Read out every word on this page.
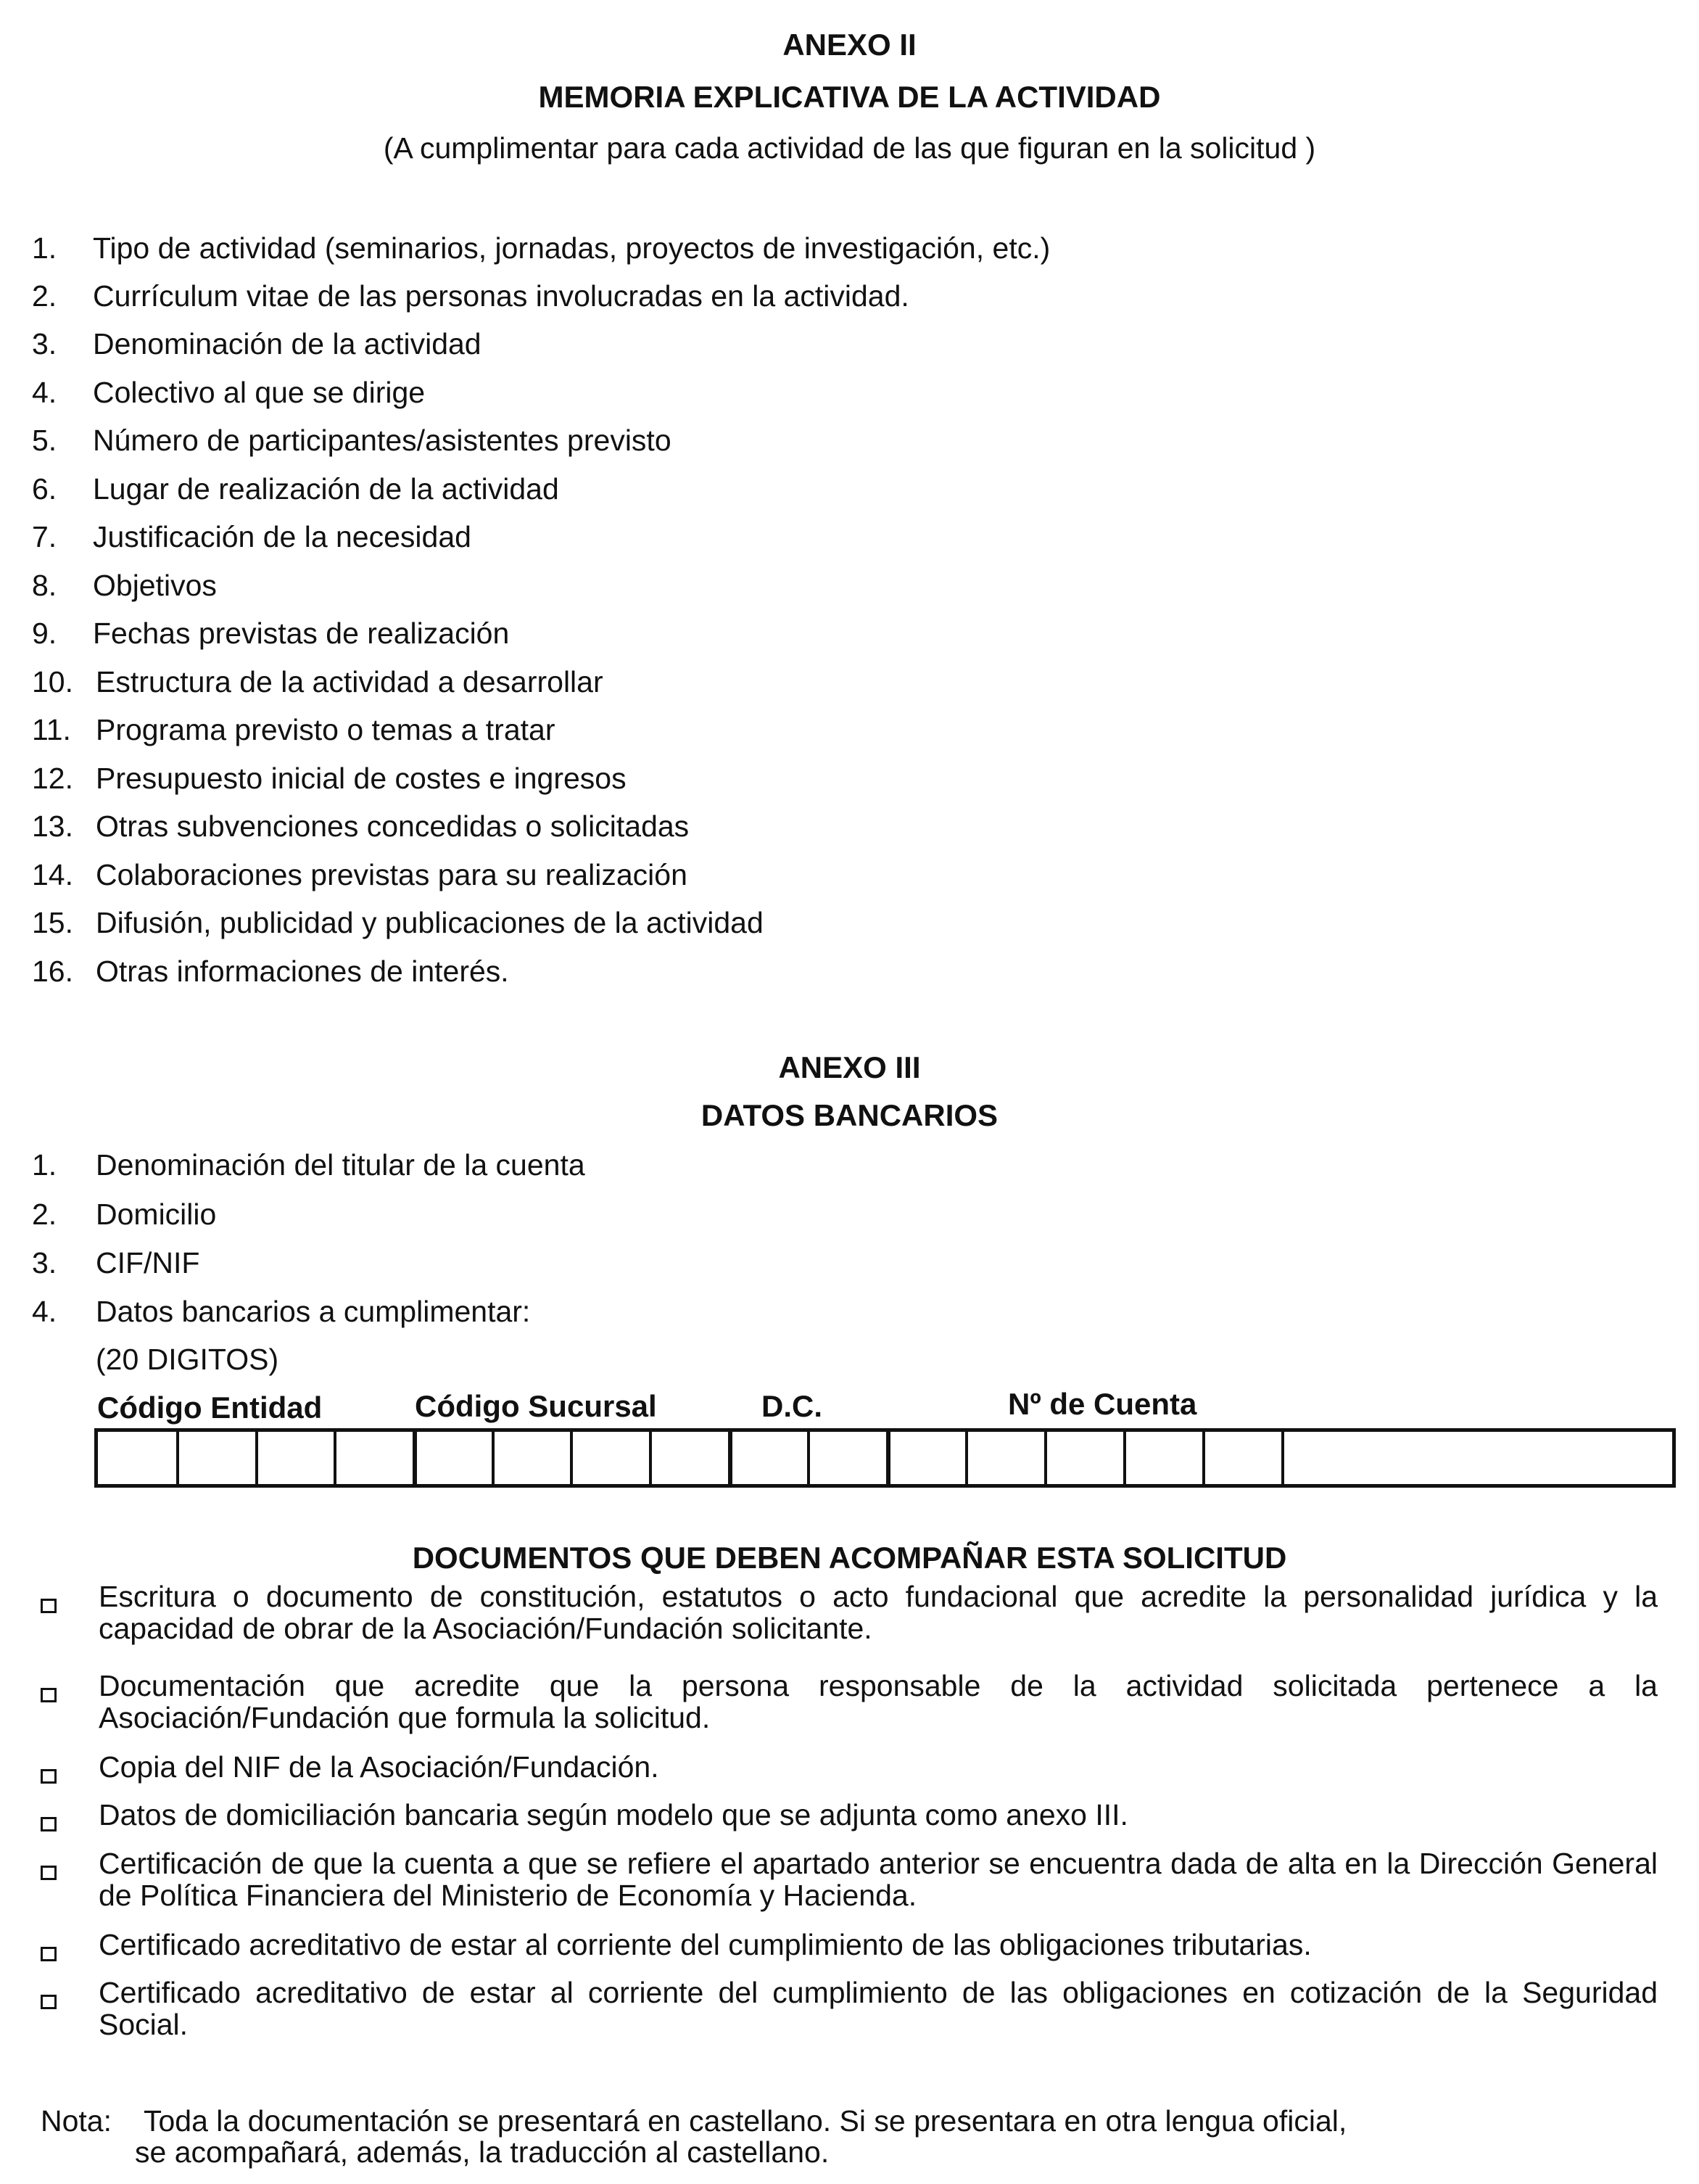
ANEXO II
MEMORIA EXPLICATIVA DE LA ACTIVIDAD
(A cumplimentar para cada actividad de las que figuran en la solicitud )
1. Tipo de actividad (seminarios, jornadas, proyectos de investigación, etc.)
2. Currículum vitae de las personas involucradas en la actividad.
3. Denominación de la actividad
4. Colectivo al que se dirige
5. Número de participantes/asistentes previsto
6. Lugar de realización de la actividad
7. Justificación de la necesidad
8. Objetivos
9. Fechas previstas de realización
10. Estructura de la actividad a desarrollar
11. Programa previsto o temas a tratar
12. Presupuesto inicial de costes e ingresos
13. Otras subvenciones concedidas o solicitadas
14. Colaboraciones previstas para su realización
15. Difusión, publicidad y publicaciones de la actividad
16. Otras informaciones de interés.
ANEXO III
DATOS BANCARIOS
1. Denominación del titular de la cuenta
2. Domicilio
3. CIF/NIF
4. Datos bancarios a cumplimentar:
(20 DIGITOS)
Código Entidad	Código Sucursal	D.C.	Nº de Cuenta
DOCUMENTOS QUE DEBEN ACOMPAÑAR ESTA SOLICITUD
Escritura o documento de constitución, estatutos o acto fundacional que acredite la personalidad jurídica y la capacidad de obrar de la Asociación/Fundación solicitante.
Documentación que acredite que la persona responsable de la actividad solicitada pertenece a la Asociación/Fundación que formula la solicitud.
Copia del NIF de la Asociación/Fundación.
Datos de domiciliación bancaria según modelo que se adjunta como anexo III.
Certificación de que la cuenta a que se refiere el apartado anterior se encuentra dada de alta en la Dirección General de Política Financiera del Ministerio de Economía y Hacienda.
Certificado acreditativo de estar al corriente del cumplimiento de las obligaciones tributarias.
Certificado acreditativo de estar al corriente del cumplimiento de las obligaciones en cotización de la Seguridad Social.
Nota: Toda la documentación se presentará en castellano. Si se presentara en otra lengua oficial,
se acompañará, además, la traducción al castellano.
